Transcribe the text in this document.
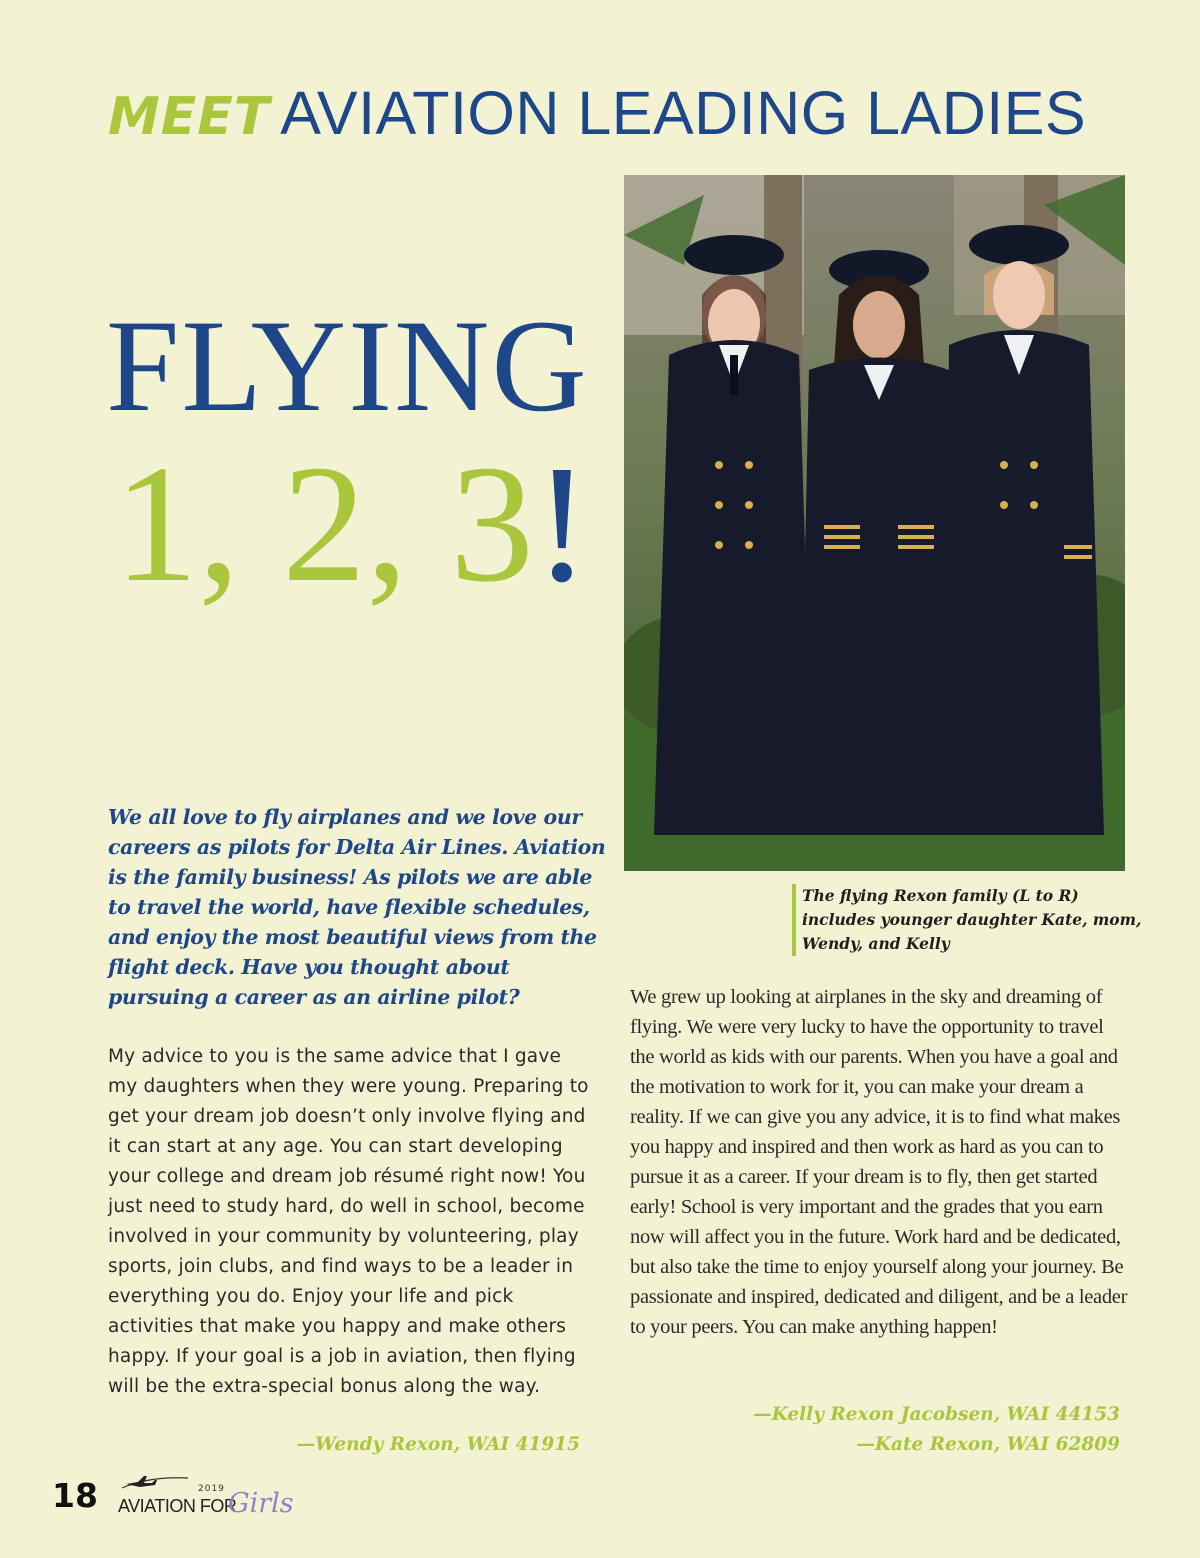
MEET AVIATION LEADING LADIES
FLYING
1, 2, 3!
The flying Rexon family (L to R) includes younger daughter Kate, mom, Wendy, and Kelly
We all love to fly airplanes and we love our careers as pilots for Delta Air Lines. Aviation is the family business! As pilots we are able to travel the world, have flexible schedules, and enjoy the most beautiful views from the flight deck. Have you thought about pursuing a career as an airline pilot?
My advice to you is the same advice that I gave my daughters when they were young. Preparing to get your dream job doesn’t only involve flying and it can start at any age. You can start developing your college and dream job résumé right now! You just need to study hard, do well in school, become involved in your community by volunteering, play sports, join clubs, and find ways to be a leader in everything you do. Enjoy your life and pick activities that make you happy and make others happy. If your goal is a job in aviation, then flying will be the extra-special bonus along the way.
—Wendy Rexon, WAI 41915
We grew up looking at airplanes in the sky and dreaming of flying. We were very lucky to have the opportunity to travel the world as kids with our parents. When you have a goal and the motivation to work for it, you can make your dream a reality. If we can give you any advice, it is to find what makes you happy and inspired and then work as hard as you can to pursue it as a career. If your dream is to fly, then get started early! School is very important and the grades that you earn now will affect you in the future. Work hard and be dedicated, but also take the time to enjoy yourself along your journey. Be passionate and inspired, dedicated and diligent, and be a leader to your peers. You can make anything happen!
—Kelly Rexon Jacobsen, WAI 44153
—Kate Rexon, WAI 62809
18	2019
AVIATION FOR
Girls
